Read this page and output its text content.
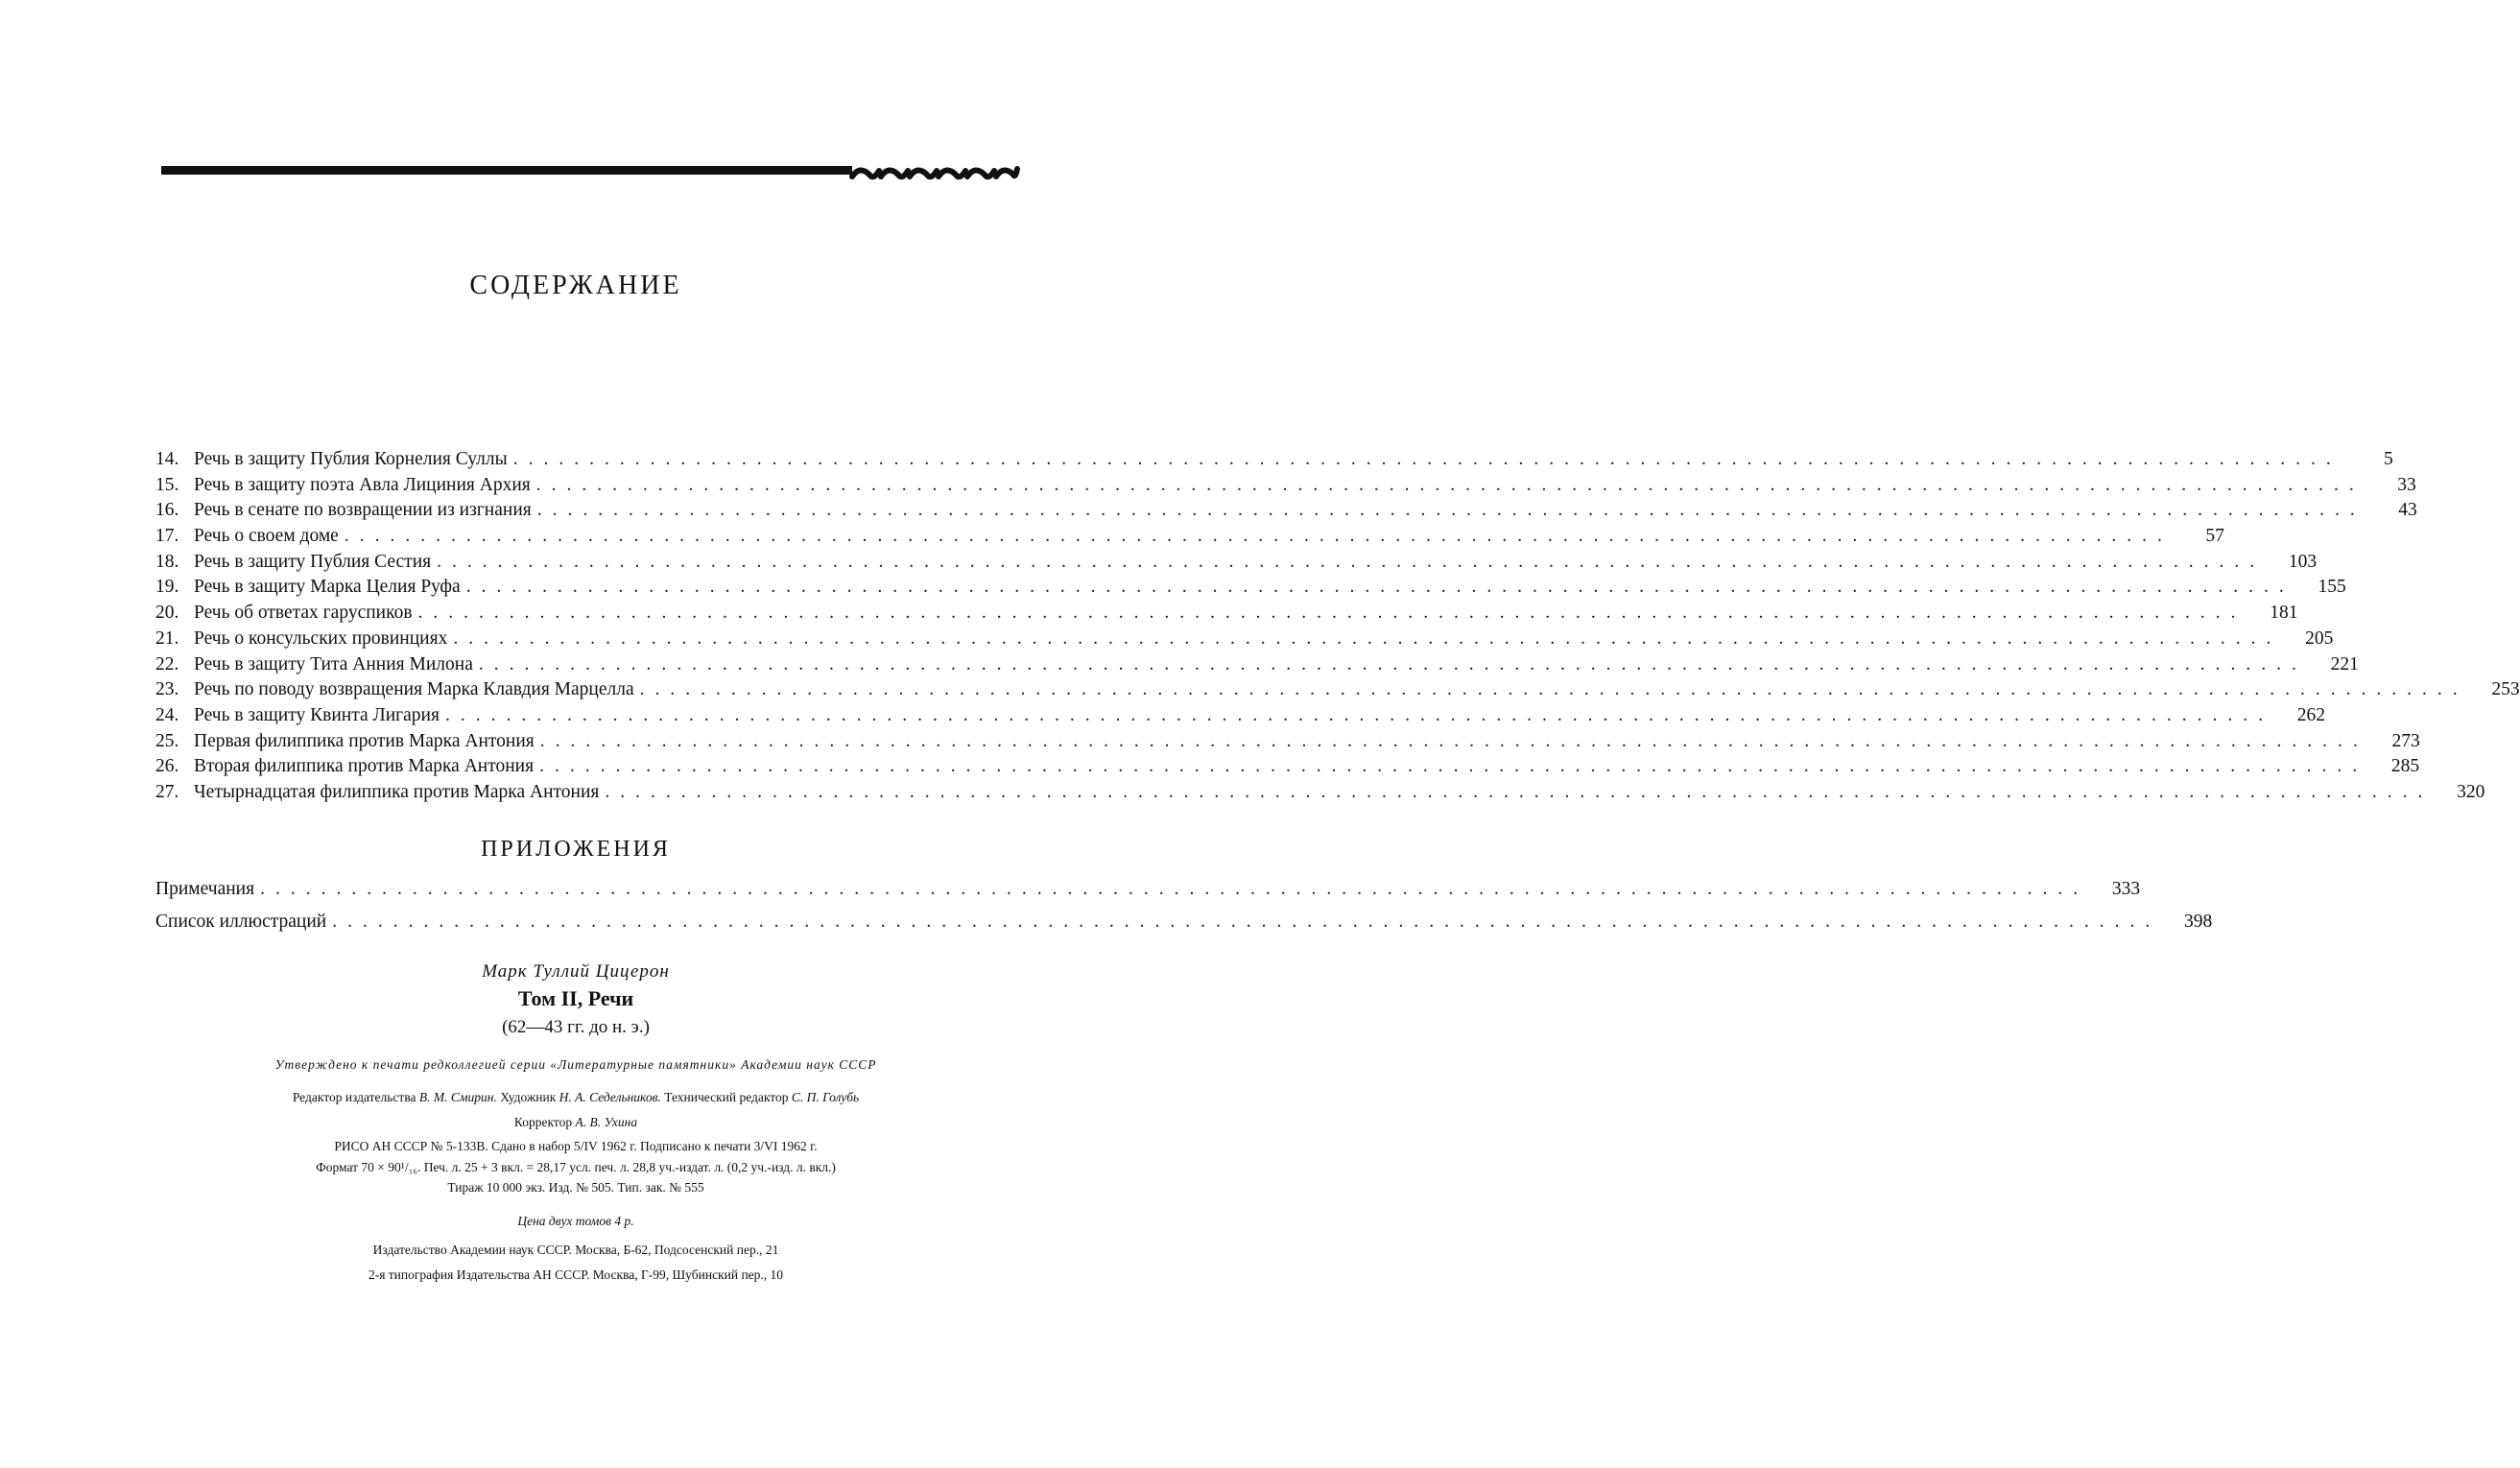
СОДЕРЖАНИЕ
14. Речь в защиту Публия Корнелия Суллы ........................................................................................................................	5
15. Речь в защиту поэта Авла Лициния Архия ........................................................................................................................	33
16. Речь в сенате по возвращении из изгнания ........................................................................................................................	43
17. Речь о своем доме ........................................................................................................................	57
18. Речь в защиту Публия Сестия ........................................................................................................................	103
19. Речь в защиту Марка Целия Руфа ........................................................................................................................	155
20. Речь об ответах гаруспиков ........................................................................................................................	181
21. Речь о консульских провинциях ........................................................................................................................	205
22. Речь в защиту Тита Анния Милона ........................................................................................................................	221
23. Речь по поводу возвращения Марка Клавдия Марцелла ........................................................................................................................	253
24. Речь в защиту Квинта Лигария ........................................................................................................................	262
25. Первая филиппика против Марка Антония ........................................................................................................................	273
26. Вторая филиппика против Марка Антония ........................................................................................................................	285
27. Четырнадцатая филиппика против Марка Антония ........................................................................................................................	320
ПРИЛОЖЕНИЯ
Примечания ........................................................................................................................	333
Список иллюстраций ........................................................................................................................	398
Марк Туллий Цицерон
Том II, Речи
(62—43 гг. до н. э.)
Утверждено к печати редколлегией серии «Литературные памятники» Академии наук СССР
Редактор издательства В. М. Смирин. Художник Н. А. Седельников. Технический редактор С. П. Голубь
Корректор А. В. Ухина
РИСО АН СССР № 5-133В. Сдано в набор 5/IV 1962 г. Подписано к печати 3/VI 1962 г.
Формат 70 × 90¹/₁₆. Печ. л. 25 + 3 вкл. = 28,17 усл. печ. л. 28,8 уч.-издат. л. (0,2 уч.-изд. л. вкл.)
Тираж 10 000 экз. Изд. № 505. Тип. зак. № 555
Цена двух томов 4 р.
Издательство Академии наук СССР. Москва, Б-62, Подсосенский пер., 21
2-я типография Издательства АН СССР. Москва, Г-99, Шубинский пер., 10
